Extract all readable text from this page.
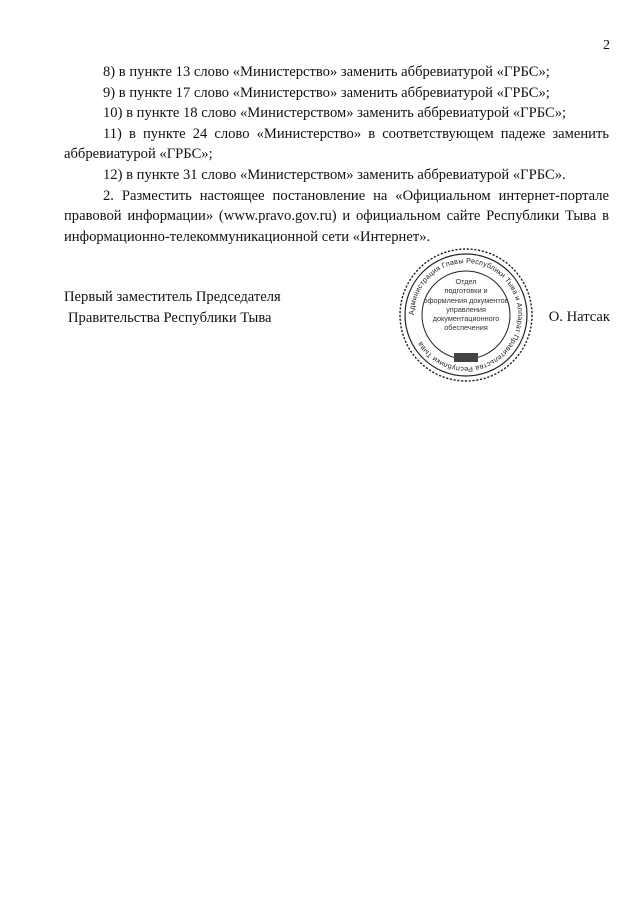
2

8) в пункте 13 слово «Министерство» заменить аббревиатурой «ГРБС»;

9) в пункте 17 слово «Министерство» заменить аббревиатурой «ГРБС»;

10) в пункте 18 слово «Министерством» заменить аббревиатурой «ГРБС»;

11) в пункте 24 слово «Министерство» в соответствующем падеже заменить аббревиатурой «ГРБС»;

12) в пункте 31 слово «Министерством» заменить аббревиатурой «ГРБС».

2. Разместить настоящее постановление на «Официальном интернет-портале правовой информации» (www.pravo.gov.ru) и официальном сайте Республики Тыва в информационно-телекоммуникационной сети «Интернет».

Первый заместитель Председателя
Правительства Республики Тыва	Администрация Главы Республики Тыва и Аппарат Правительства Республики Тыва
Отдел
подготовки и
оформления документов
управления
документационного
обеспечения
О. Натсак
